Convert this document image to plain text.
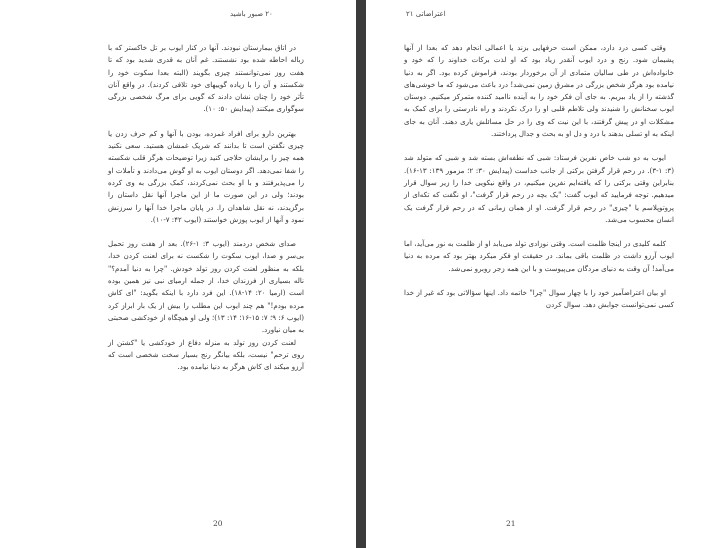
۲۰ صبور باشید

در اتاق بیمارستان نبودند. آنها در کنار ایوب بر تل خاکستر که با زباله احاطه شده بود نشستند. غم آنان به قدری شدید بود که تا هفت روز نمی‌توانستند چیزی بگویند (البته بعدا سکوت خود را شکستند و آن را با زیاده گوییهای خود تلافی کردند). در واقع آنان تأثر خود را چنان نشان دادند که گویی برای مرگ شخصی بزرگی سوگواری میکنند (پیدایش ۵۰: ۱۰).

بهترین دارو برای افراد غمزده، بودن با آنها و کم حرف زدن یا چیزی نگفتن است تا بدانند که شریک غمشان هستید. سعی نکنید همه چیز را برایشان حلاجی کنید زیرا توضیحات هرگز قلب شکسته را شفا نمی‌دهد. اگر دوستان ایوب به او گوش می‌دادند و تأملات او را می‌پذیرفتند و با او بحث نمی‌کردند، کمک بزرگی به وی کرده بودند؛ ولی در این صورت ما از این ماجرا آنها نقل داستان را برگزیدند، نه نقل شاهدان را. در پایان ماجرا خدا آنها را سرزنش نمود و آنها از ایوب پوزش خواستند (ایوب ۴۲: ۷-۱۰).

صدای شخص دردمند (ایوب ۳: ۱-۲۶). بعد از هفت روز تحمل بی‌سر و صدا، ایوب سکوت را شکست نه برای لعنت کردن خدا، بلکه به منظور لعنت کردن روز تولد خودش. "چرا به دنیا آمدم؟" ناله بسیاری از فرزندان خدا، از جمله ارمیای نبی نیز همین بوده است (ارمیا ۲۰: ۱۴-۱۸). این فرد دارد با اینکه بگوید: "ای کاش مرده بودم!" هم چند ایوب این مطلب را بیش از یک بار ابراز کرد (ایوب ۶: ۹؛ ۷: ۱۵-۱۶؛ ۱۴: ۱۳)؛ ولی او هیچگاه از خودکشی صحبتی به میان نیاورد.

لعنت کردن روز تولد به منزله دفاع از خودکشی یا "کشتن از روی ترحم" نیست، بلکه بیانگر رنج بسیار سخت شخصی است که آرزو میکند ای کاش هرگز به دنیا نیامده بود.

20
اعتراضاتی ۲۱

وقتی کسی درد دارد، ممکن است حرفهایی بزند یا اعمالی انجام دهد که بعدا از آنها پشیمان شود. رنج و درد ایوب آنقدر زیاد بود که او لذت برکات خداوند را که خود و خانواده‌اش در طی سالیان متمادی از آن برخوردار بودند، فراموش کرده بود. اگر به دنیا نیامده بود هرگز شخص بزرگی در مشرق زمین نمی‌شد! درد باعث می‌شود که ما خوشی‌های گذشته را از یاد ببریم. به جای آن فکر خود را به آینده ناامید کننده متمرکز میکنیم. دوستان ایوب سخنانش را شنیدند ولی تلاطم قلبی او را درک نکردند و راه نادرستی را برای کمک به مشکلات او در پیش گرفتند، با این نیت که وی را در حل مسائلش یاری دهند. آنان به جای اینکه به او تسلی بدهند با درد و دل او به بحث و جدال پرداختند.

ایوب به دو شب خاص نفرین فرستاد: شبی که نطفه‌اش بسته شد و شبی که متولد شد (۳: ۱-۳). در رحم قرار گرفتن برکتی از جانب خداست (پیدایش ۳۰: ۲؛ مزمور ۱۳۹: ۱۳-۱۶). بنابراین وقتی برکتی را که یافته‌ایم نفرین میکنیم، در واقع نیکویی خدا را زیر سوال قرار میدهیم. توجه فرمایید که ایوب گفت: "یک بچه در رحم قرار گرفت"، او نگفت که تکه‌ای از پروتوپلاسم یا "چیزی" در رحم قرار گرفت. او از همان زمانی که در رحم قرار گرفت یک انسان محسوب می‌شد.

کلمه کلیدی در اینجا ظلمت است. وقتی نوزادی تولد می‌یابد او از ظلمت به نور می‌آید، اما ایوب آرزو داشت در ظلمت باقی بماند. در حقیقت او فکر میکرد بهتر بود که مرده به دنیا می‌آمد! آن وقت به دنیای مردگان می‌پیوست و با این همه زجر روبرو نمی‌شد.

او بیان اعتراضآمیز خود را با چهار سوال "چرا" خاتمه داد. اینها سؤالاتی بود که غیر از خدا کسی نمی‌توانست جوابش دهد. سوال کردن

21
